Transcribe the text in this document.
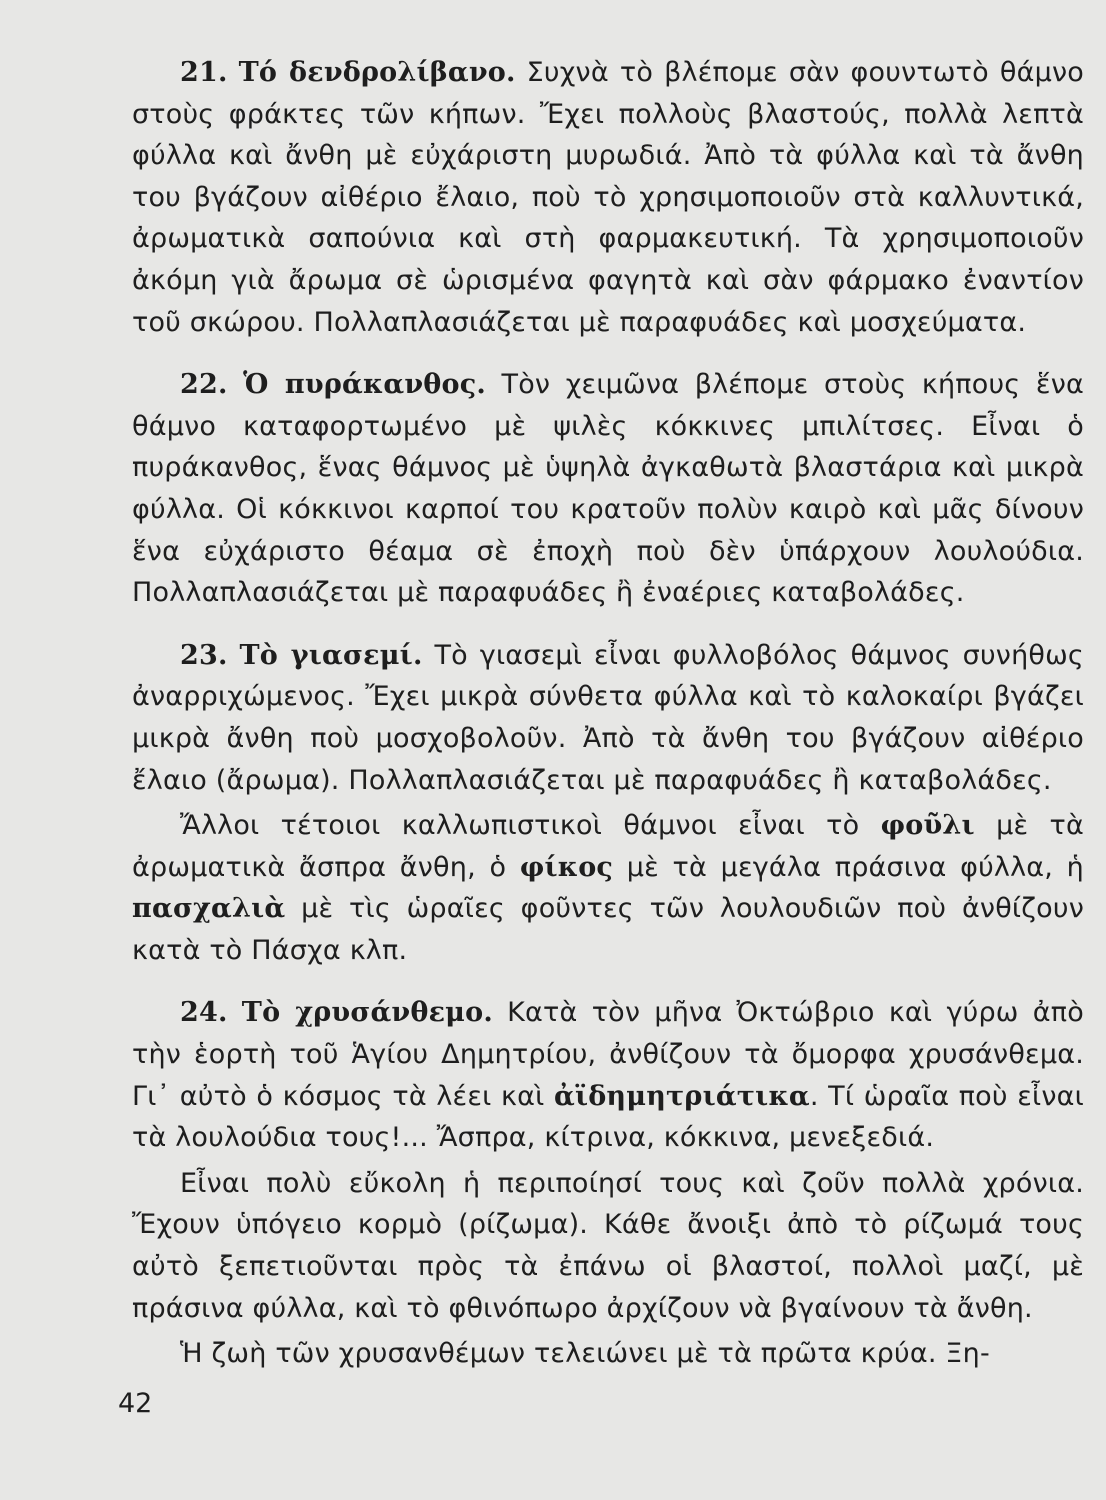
21. Τό δενδρολίβανο. Συχνὰ τὸ βλέπομε σὰν φουντωτὸ θάμνο στοὺς φράκτες τῶν κήπων. Ἔχει πολλοὺς βλαστούς, πολλὰ λεπτὰ φύλλα καὶ ἄνθη μὲ εὐχάριστη μυρωδιά. Ἀπὸ τὰ φύλλα καὶ τὰ ἄνθη του βγάζουν αἰθέριο ἔλαιο, ποὺ τὸ χρησιμοποιοῦν στὰ καλλυντικά, ἀρωματικὰ σαπούνια καὶ στὴ φαρμακευτική. Τὰ χρησιμοποιοῦν ἀκόμη γιὰ ἄρωμα σὲ ὡρισμένα φαγητὰ καὶ σὰν φάρμακο ἐναντίον τοῦ σκώρου. Πολλαπλασιάζεται μὲ παραφυάδες καὶ μοσχεύματα.

22. Ὁ πυράκανθος. Τὸν χειμῶνα βλέπομε στοὺς κήπους ἕνα θάμνο καταφορτωμένο μὲ ψιλὲς κόκκινες μπιλίτσες. Εἶναι ὁ πυράκανθος, ἕνας θάμνος μὲ ὑψηλὰ ἀγκαθωτὰ βλαστάρια καὶ μικρὰ φύλλα. Οἱ κόκκινοι καρποί του κρατοῦν πολὺν καιρὸ καὶ μᾶς δίνουν ἕνα εὐχάριστο θέαμα σὲ ἐποχὴ ποὺ δὲν ὑπάρχουν λουλούδια. Πολλαπλασιάζεται μὲ παραφυάδες ἢ ἐναέριες καταβολάδες.

23. Τὸ γιασεμί. Τὸ γιασεμὶ εἶναι φυλλοβόλος θάμνος συνήθως ἀναρριχώμενος. Ἔχει μικρὰ σύνθετα φύλλα καὶ τὸ καλοκαίρι βγάζει μικρὰ ἄνθη ποὺ μοσχοβολοῦν. Ἀπὸ τὰ ἄνθη του βγάζουν αἰθέριο ἔλαιο (ἄρωμα). Πολλαπλασιάζεται μὲ παραφυάδες ἢ καταβολάδες.

Ἄλλοι τέτοιοι καλλωπιστικοὶ θάμνοι εἶναι τὸ φοῦλι μὲ τὰ ἀρωματικὰ ἄσπρα ἄνθη, ὁ φίκος μὲ τὰ μεγάλα πράσινα φύλλα, ἡ πασχαλιὰ μὲ τὶς ὡραῖες φοῦντες τῶν λουλουδιῶν ποὺ ἀνθίζουν κατὰ τὸ Πάσχα κλπ.

24. Τὸ χρυσάνθεμο. Κατὰ τὸν μῆνα Ὀκτώβριο καὶ γύρω ἀπὸ τὴν ἑορτὴ τοῦ Ἁγίου Δημητρίου, ἀνθίζουν τὰ ὄμορφα χρυσάνθεμα. Γι᾽ αὐτὸ ὁ κόσμος τὰ λέει καὶ ἀϊδημητριάτικα. Τί ὡραῖα ποὺ εἶναι τὰ λουλούδια τους!... Ἄσπρα, κίτρινα, κόκκινα, μενεξεδιά.

Εἶναι πολὺ εὔκολη ἡ περιποίησί τους καὶ ζοῦν πολλὰ χρόνια. Ἔχουν ὑπόγειο κορμὸ (ρίζωμα). Κάθε ἄνοιξι ἀπὸ τὸ ρίζωμά τους αὐτὸ ξεπετιοῦνται πρὸς τὰ ἐπάνω οἱ βλαστοί, πολλοὶ μαζί, μὲ πράσινα φύλλα, καὶ τὸ φθινόπωρο ἀρχίζουν νὰ βγαίνουν τὰ ἄνθη.

Ἡ ζωὴ τῶν χρυσανθέμων τελειώνει μὲ τὰ πρῶτα κρύα. Ξη-

42
